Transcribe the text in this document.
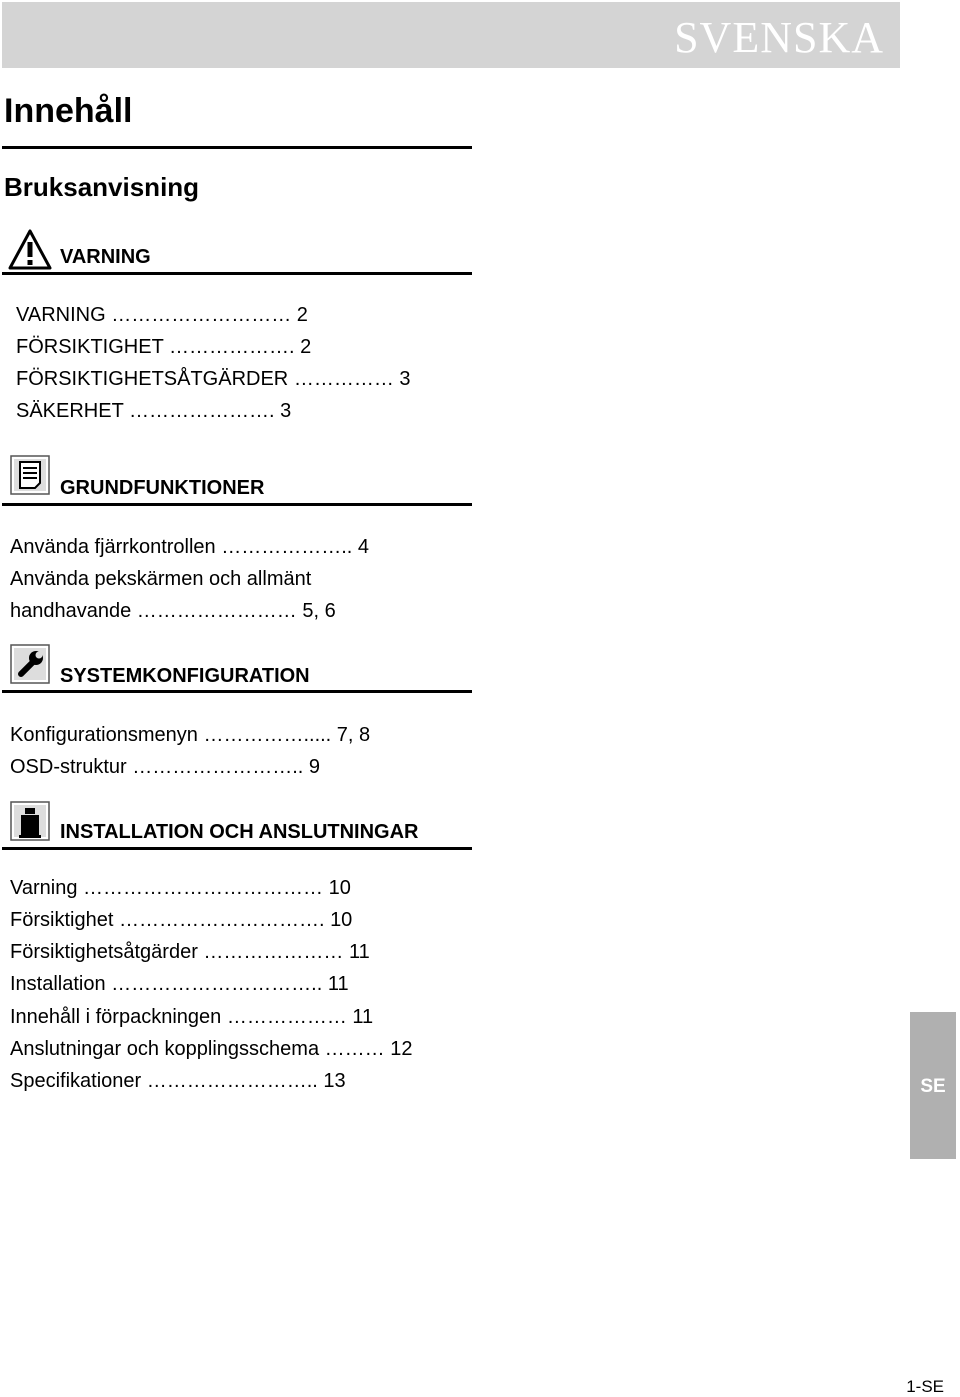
SVENSKA
Innehåll
Bruksanvisning
VARNING
VARNING ……………………… 2
FÖRSIKTIGHET ………………. 2
FÖRSIKTIGHETSÅTGÄRDER …………… 3
SÄKERHET …………………. 3
GRUNDFUNKTIONER
Använda fjärrkontrollen ……………….. 4
Använda pekskärmen och allmänt
handhavande …………………… 5, 6
SYSTEMKONFIGURATION
Konfigurationsmenyn ……………..... 7, 8
OSD-struktur …………………….. 9
INSTALLATION OCH ANSLUTNINGAR
Varning ……………………………… 10
Försiktighet …………………………. 10
Försiktighetsåtgärder ………………… 11
Installation ………………………….. 11
Innehåll i förpackningen ……………… 11
Anslutningar och kopplingsschema ……… 12
Specifikationer …………………….. 13	SE
1-SE
